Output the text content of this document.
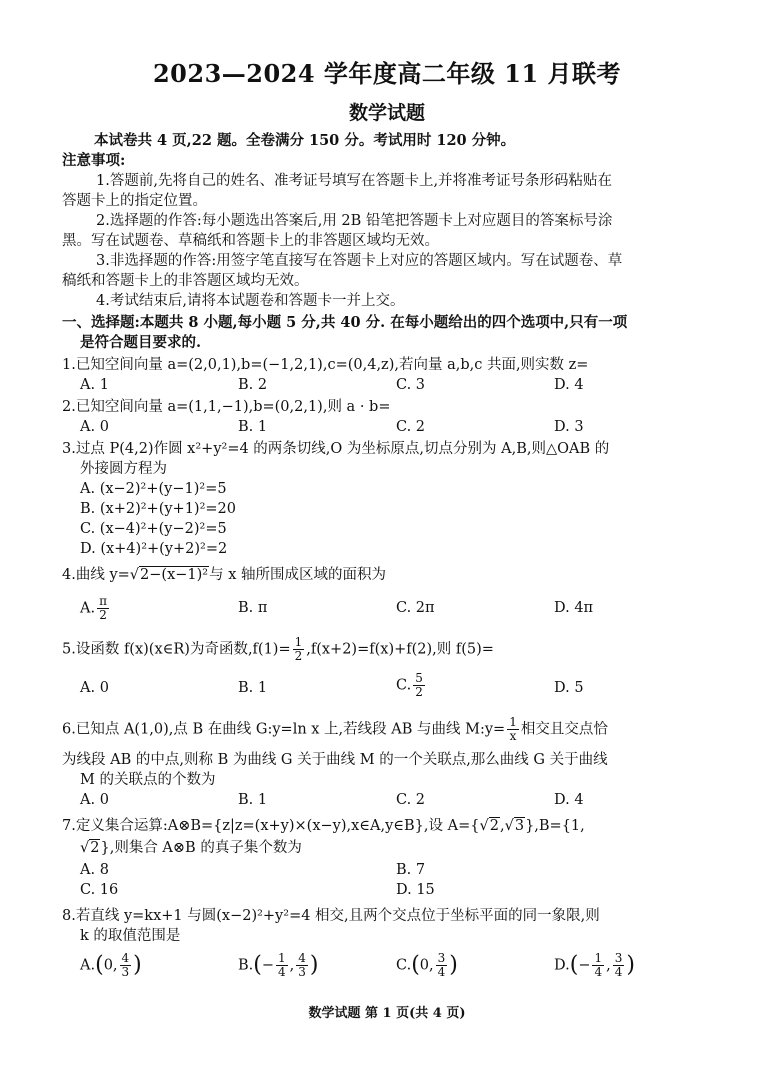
2023—2024 学年度高二年级 11 月联考
数学试题
本试卷共 4 页,22 题。全卷满分 150 分。考试用时 120 分钟。
注意事项:
1.答题前,先将自己的姓名、准考证号填写在答题卡上,并将准考证号条形码粘贴在
答题卡上的指定位置。
2.选择题的作答:每小题选出答案后,用 2B 铅笔把答题卡上对应题目的答案标号涂
黑。写在试题卷、草稿纸和答题卡上的非答题区域均无效。
3.非选择题的作答:用签字笔直接写在答题卡上对应的答题区域内。写在试题卷、草
稿纸和答题卡上的非答题区域均无效。
4.考试结束后,请将本试题卷和答题卡一并上交。
一、选择题:本题共 8 小题,每小题 5 分,共 40 分. 在每小题给出的四个选项中,只有一项
是符合题目要求的.
1.已知空间向量 a=(2,0,1),b=(−1,2,1),c=(0,4,z),若向量 a,b,c 共面,则实数 z=
A. 1	B. 2	C. 3	D. 4
2.已知空间向量 a=(1,1,−1),b=(0,2,1),则 a · b=
A. 0	B. 1	C. 2	D. 3
3.过点 P(4,2)作圆 x²+y²=4 的两条切线,O 为坐标原点,切点分别为 A,B,则△OAB 的
外接圆方程为
A. (x−2)²+(y−1)²=5
B. (x+2)²+(y+1)²=20
C. (x−4)²+(y−2)²=5
D. (x+4)²+(y+2)²=2
4.曲线 y=√2−(x−1)²与 x 轴所围成区域的面积为
A. $\frac{\pi}{2}$	B. π	C. 2π	D. 4π
5.设函数 f(x)(x∈R)为奇函数$,f(1)= \frac{1}{2} ,f(x+2)=f(x)+f(2)$,则 f(5)=
A. 0	B. 1	C. $\frac{5}{2}$	D. 5
6.已知点 A(1,0),点 B 在曲线 G:y=ln x 上,若线段 AB 与曲线 M:y= $\frac{1}{x}$ 相交且交点恰
为线段 AB 的中点,则称 B 为曲线 G 关于曲线 M 的一个关联点,那么曲线 G 关于曲线
M 的关联点的个数为
A. 0	B. 1	C. 2	D. 4
7.定义集合运算:A⊗B={z|z=(x+y)×(x−y),x∈A,y∈B},设 A={√2,√3},B={1,
√2},则集合 A⊗B 的真子集个数为
A. 8	B. 7
C. 16	D. 15
8.若直线 y=kx+1 与圆(x−2)²+y²=4 相交,且两个交点位于坐标平面的同一象限,则
k 的取值范围是
A.(0, $\frac{4}{3}$ )	$B.(- \frac{1}{4}$ , $\frac{4}{3}$ )	C.(0, $\frac{3}{4}$ )	$D.(- \frac{1}{4}$ , $\frac{3}{4}$ )
数学试题 第 1 页(共 4 页)
